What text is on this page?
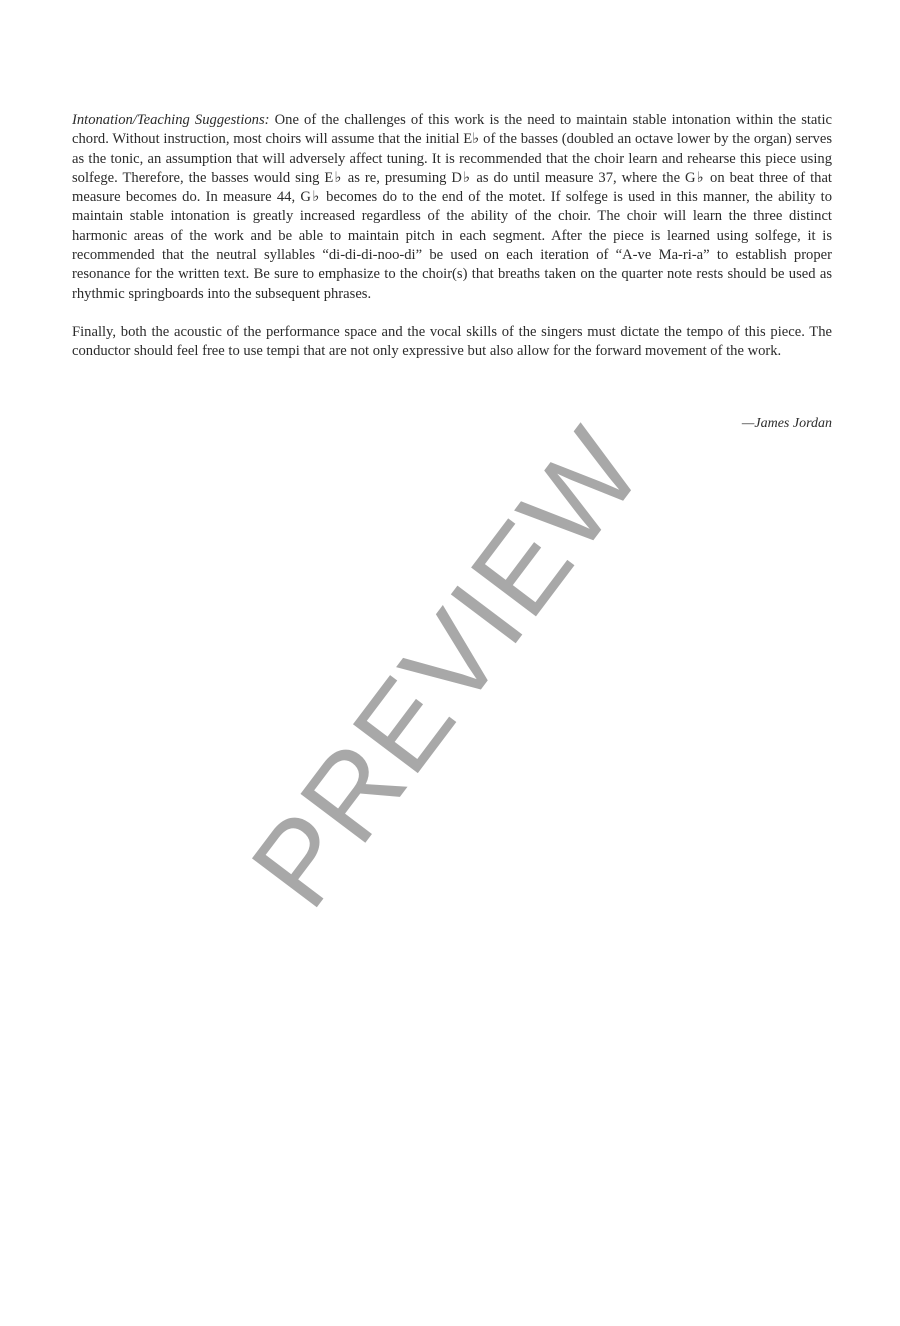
Intonation/Teaching Suggestions: One of the challenges of this work is the need to maintain stable intonation within the static chord. Without instruction, most choirs will assume that the initial E♭ of the basses (doubled an octave lower by the organ) serves as the tonic, an assumption that will adversely affect tuning. It is recommended that the choir learn and rehearse this piece using solfege. Therefore, the basses would sing E♭ as re, presuming D♭ as do until measure 37, where the G♭ on beat three of that measure becomes do. In measure 44, G♭ becomes do to the end of the motet. If solfege is used in this manner, the ability to maintain stable intonation is greatly increased regardless of the ability of the choir. The choir will learn the three distinct harmonic areas of the work and be able to maintain pitch in each segment. After the piece is learned using solfege, it is recommended that the neutral syllables “di-di-di-noo-di” be used on each iteration of “A-ve Ma-ri-a” to establish proper resonance for the written text. Be sure to emphasize to the choir(s) that breaths taken on the quarter note rests should be used as rhythmic springboards into the subsequent phrases.

Finally, both the acoustic of the performance space and the vocal skills of the singers must dictate the tempo of this piece. The conductor should feel free to use tempi that are not only expressive but also allow for the forward movement of the work.

—James Jordan
PREVIEW
